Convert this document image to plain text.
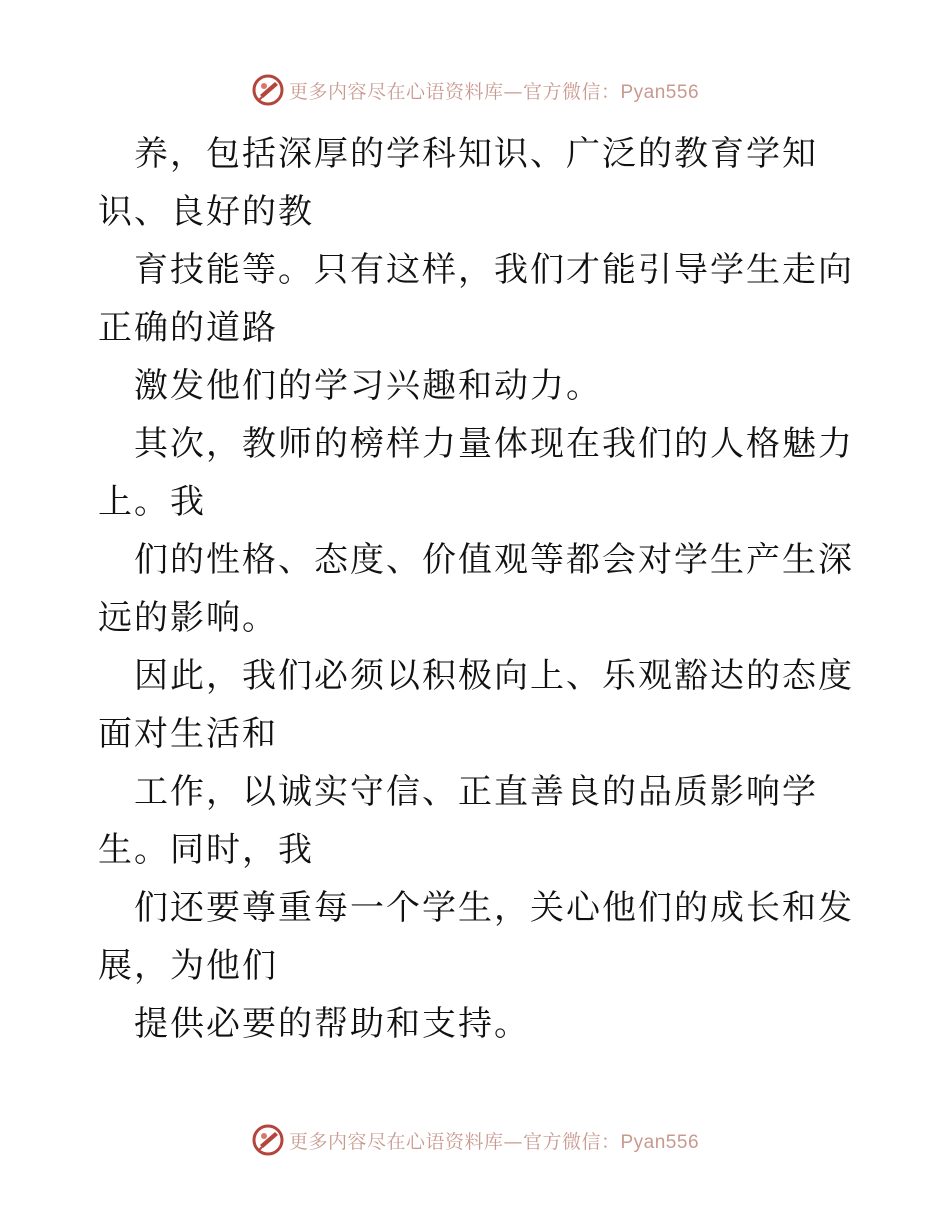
更多内容尽在心语资料库—官方微信：Pyan556

养，包括深厚的学科知识、广泛的教育学知识、良好的教

育技能等。只有这样，我们才能引导学生走向正确的道路

激发他们的学习兴趣和动力。

其次，教师的榜样力量体现在我们的人格魅力上。我

们的性格、态度、价值观等都会对学生产生深远的影响。

因此，我们必须以积极向上、乐观豁达的态度面对生活和

工作，以诚实守信、正直善良的品质影响学生。同时，我

们还要尊重每一个学生，关心他们的成长和发展，为他们

提供必要的帮助和支持。

更多内容尽在心语资料库—官方微信：Pyan556
